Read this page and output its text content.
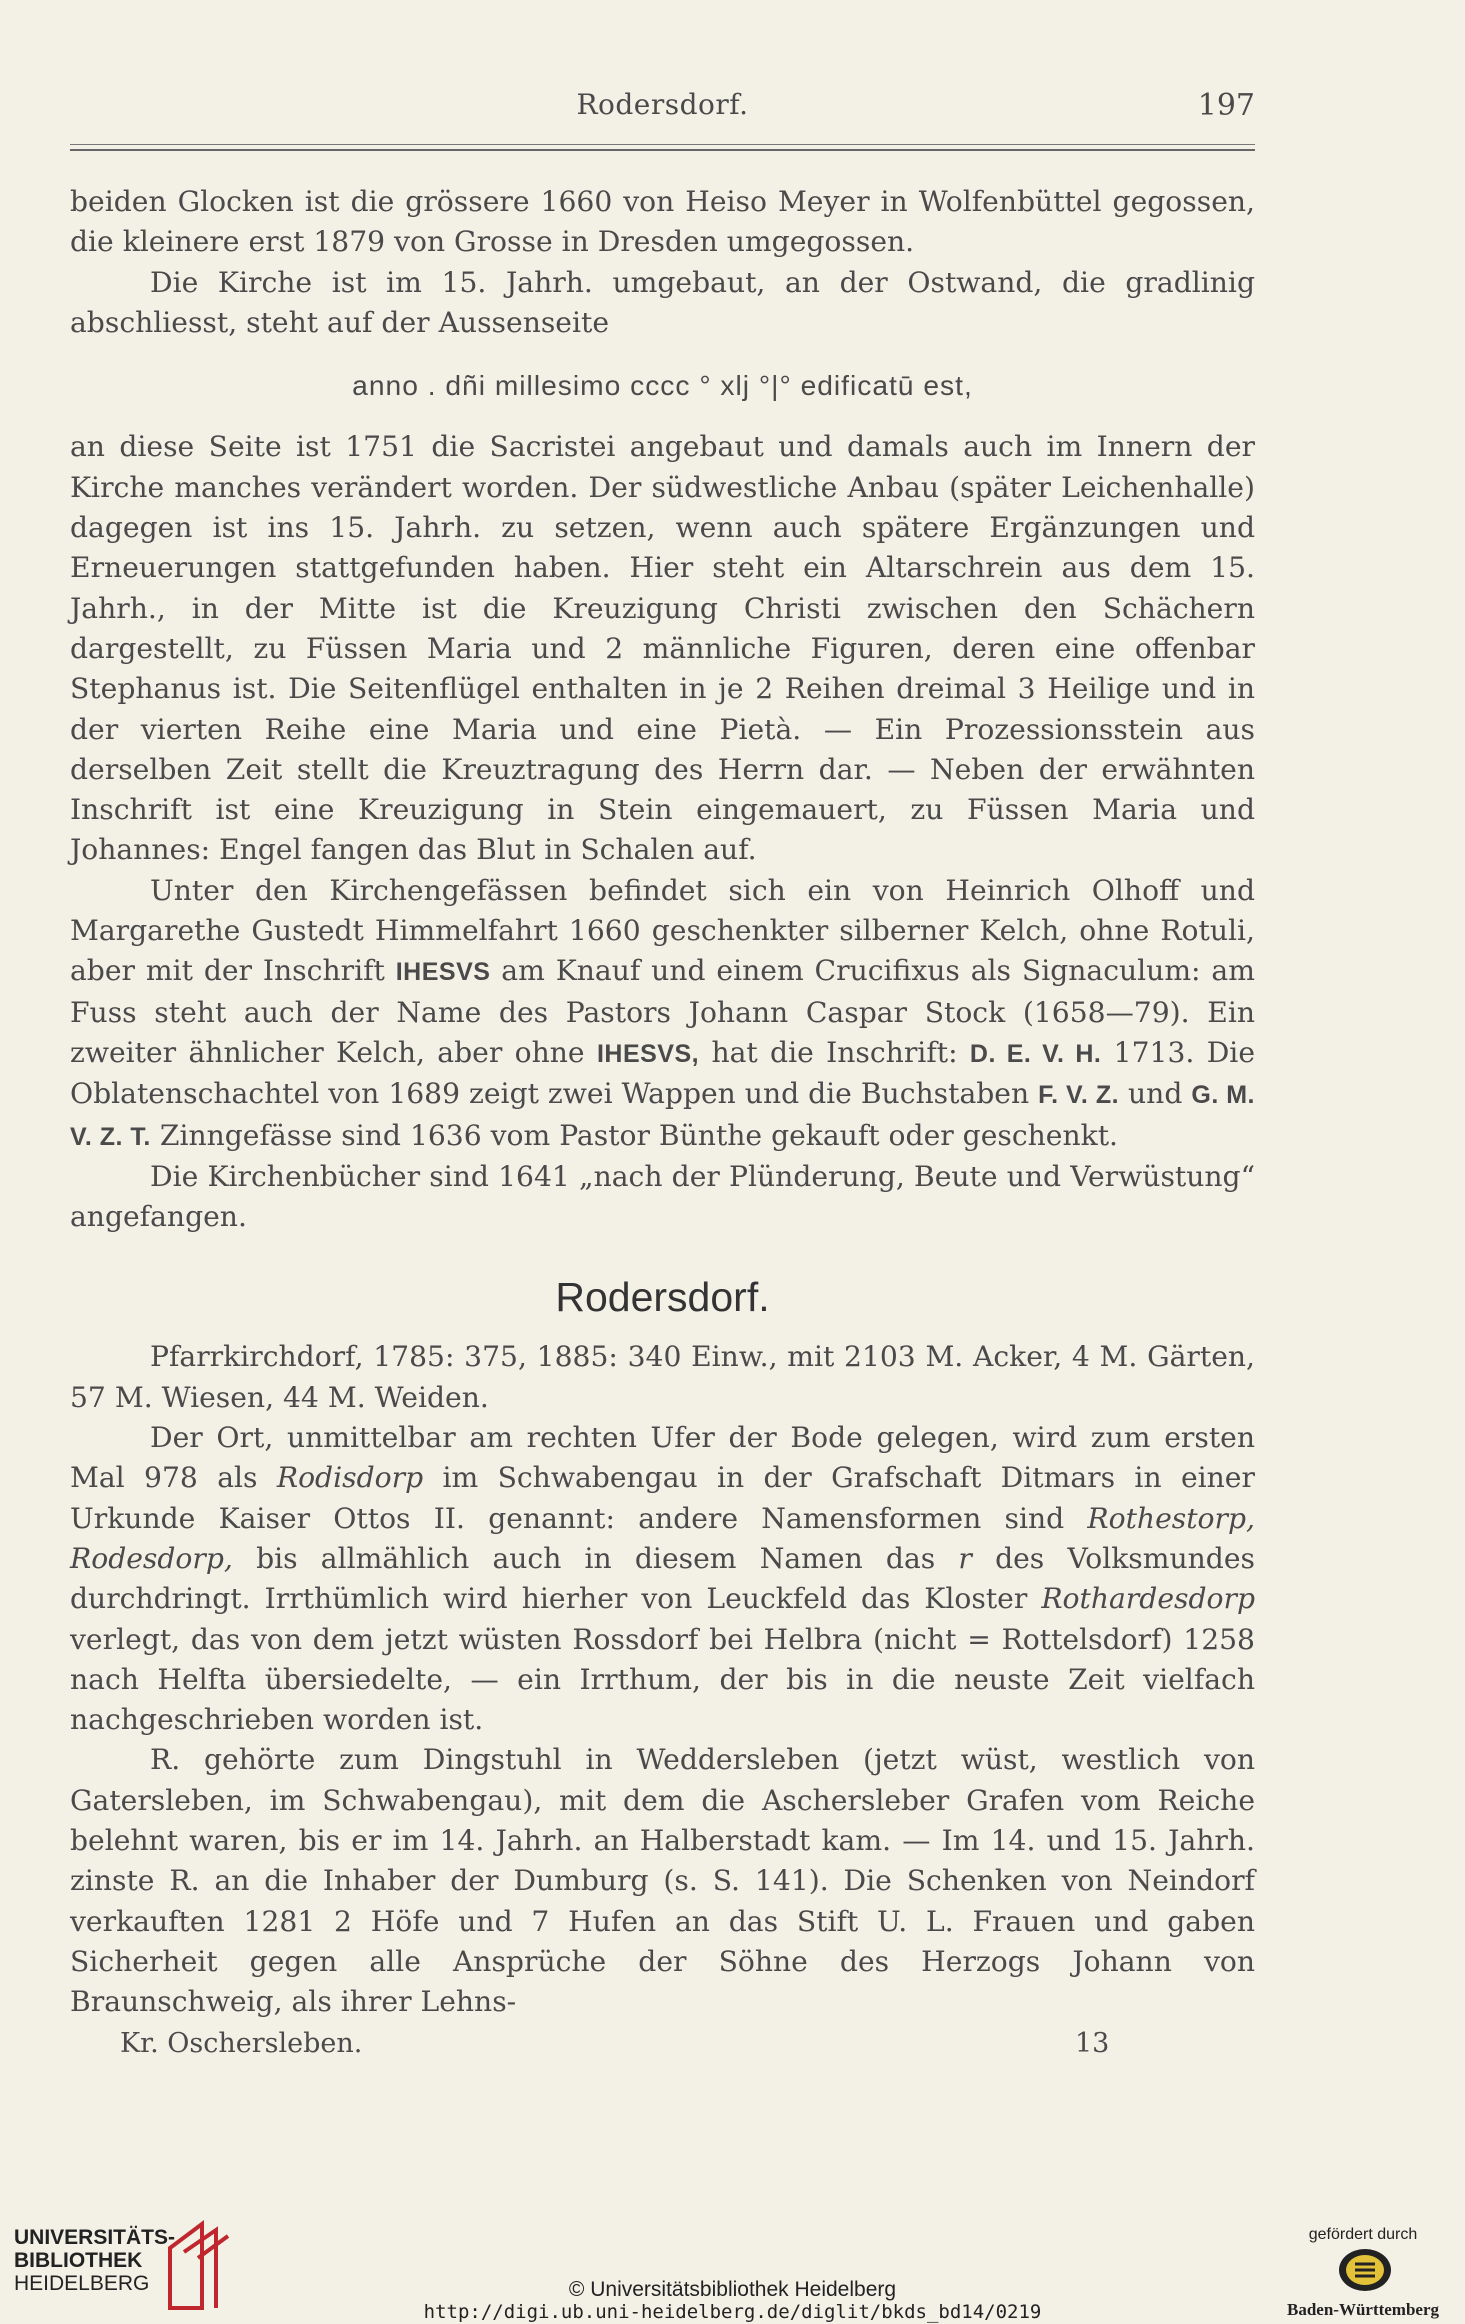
Rodersdorf.	197

beiden Glocken ist die grössere 1660 von Heiso Meyer in Wolfenbüttel gegossen, die kleinere erst 1879 von Grosse in Dresden umgegossen.

Die Kirche ist im 15. Jahrh. umgebaut, an der Ostwand, die gradlinig abschliesst, steht auf der Aussenseite

anno . dñi millesimo cccc ° xlj °|° edificatū est,

an diese Seite ist 1751 die Sacristei angebaut und damals auch im Innern der Kirche manches verändert worden. Der südwestliche Anbau (später Leichenhalle) dagegen ist ins 15. Jahrh. zu setzen, wenn auch spätere Ergänzungen und Erneuerungen stattgefunden haben. Hier steht ein Altarschrein aus dem 15. Jahrh., in der Mitte ist die Kreuzigung Christi zwischen den Schächern dargestellt, zu Füssen Maria und 2 männliche Figuren, deren eine offenbar Stephanus ist. Die Seitenflügel enthalten in je 2 Reihen dreimal 3 Heilige und in der vierten Reihe eine Maria und eine Pietà. — Ein Prozessionsstein aus derselben Zeit stellt die Kreuztragung des Herrn dar. — Neben der erwähnten Inschrift ist eine Kreuzigung in Stein eingemauert, zu Füssen Maria und Johannes: Engel fangen das Blut in Schalen auf.

Unter den Kirchengefässen befindet sich ein von Heinrich Olhoff und Margarethe Gustedt Himmelfahrt 1660 geschenkter silberner Kelch, ohne Rotuli, aber mit der Inschrift IHESVS am Knauf und einem Crucifixus als Signaculum: am Fuss steht auch der Name des Pastors Johann Caspar Stock (1658—79). Ein zweiter ähnlicher Kelch, aber ohne IHESVS, hat die Inschrift: D. E. V. H. 1713. Die Oblatenschachtel von 1689 zeigt zwei Wappen und die Buchstaben F. V. Z. und G. M. V. Z. T. Zinngefässe sind 1636 vom Pastor Bünthe gekauft oder geschenkt.

Die Kirchenbücher sind 1641 „nach der Plünderung, Beute und Verwüstung“ angefangen.

Rodersdorf.

Pfarrkirchdorf, 1785: 375, 1885: 340 Einw., mit 2103 M. Acker, 4 M. Gärten, 57 M. Wiesen, 44 M. Weiden.

Der Ort, unmittelbar am rechten Ufer der Bode gelegen, wird zum ersten Mal 978 als Rodisdorp im Schwabengau in der Grafschaft Ditmars in einer Urkunde Kaiser Ottos II. genannt: andere Namensformen sind Rothestorp, Rodesdorp, bis allmählich auch in diesem Namen das r des Volksmundes durchdringt. Irrthümlich wird hierher von Leuckfeld das Kloster Rothardesdorp verlegt, das von dem jetzt wüsten Rossdorf bei Helbra (nicht = Rottelsdorf) 1258 nach Helfta übersiedelte, — ein Irrthum, der bis in die neuste Zeit vielfach nachgeschrieben worden ist.

R. gehörte zum Dingstuhl in Weddersleben (jetzt wüst, westlich von Gatersleben, im Schwabengau), mit dem die Aschersleber Grafen vom Reiche belehnt waren, bis er im 14. Jahrh. an Halberstadt kam. — Im 14. und 15. Jahrh. zinste R. an die Inhaber der Dumburg (s. S. 141). Die Schenken von Neindorf verkauften 1281 2 Höfe und 7 Hufen an das Stift U. L. Frauen und gaben Sicherheit gegen alle Ansprüche der Söhne des Herzogs Johann von Braunschweig, als ihrer Lehns-

Kr. Oschersleben.	13
UNIVERSITÄTS-
BIBLIOTHEK
HEIDELBERG	© Universitätsbibliothek Heidelberg
http://digi.ub.uni-heidelberg.de/diglit/bkds_bd14/0219
gefördert durch
Baden-Württemberg
